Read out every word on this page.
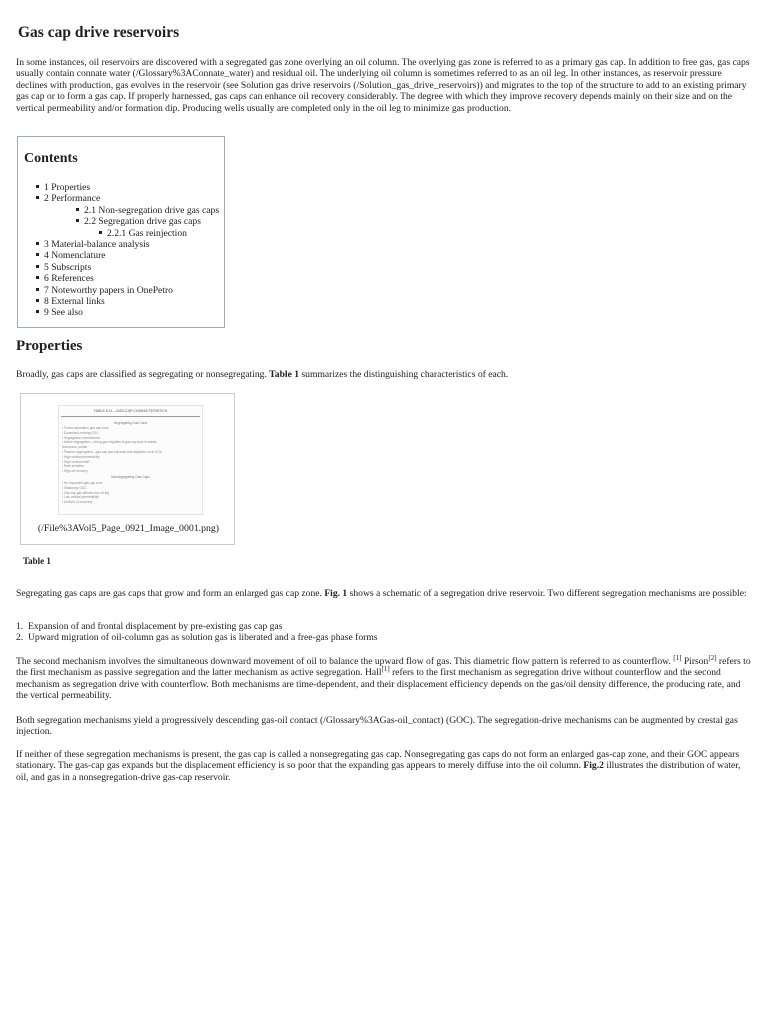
Gas cap drive reservoirs

In some instances, oil reservoirs are discovered with a segregated gas zone overlying an oil column. The overlying gas zone is referred to as a primary gas cap. In addition to free gas, gas caps usually contain connate water (/Glossary%3AConnate_water) and residual oil. The underlying oil column is sometimes referred to as an oil leg. In other instances, as reservoir pressure declines with production, gas evolves in the reservoir (see Solution gas drive reservoirs (/Solution_gas_drive_reservoirs)) and migrates to the top of the structure to add to an existing primary gas cap or to form a gas cap. If properly harnessed, gas caps can enhance oil recovery considerably. The degree with which they improve recovery depends mainly on their size and on the vertical permeability and/or formation dip. Producing wells usually are completed only in the oil leg to minimize gas production.

Contents
1 Properties
2 Performance
2.1 Non-segregation drive gas caps
2.2 Segregation drive gas caps
2.2.1 Gas reinjection
3 Material-balance analysis
4 Nomenclature
5 Subscripts
6 References
7 Noteworthy papers in OnePetro
8 External links
9 See also
Properties

Broadly, gas caps are classified as segregating or nonsegregating. Table 1 summarizes the distinguishing characteristics of each.

TABLE 8.11—GAS-CAP CHARACTERISTICS
Segregating Gas Caps
• Forms separation gas cap zone
• Downward-moving GOC
• Segregation mechanisms
• Active segregation—oil-leg gas migrates to gas cap and oil drains
downward, partial
• Passive segregation—gas cap gas expands and displaces oil at GOC
• High vertical permeability
• High vertical relief
• Rate sensitive
• High oil recovery
Nonsegregating Gas Caps
• No expanded gas cap zone
• Stationary GOC
• Gas cap gas diffuses into oil leg
• Low vertical permeability
• Uniform oil recovery
(/File%3AVol5_Page_0921_Image_0001.png)
Table 1

Segregating gas caps are gas caps that grow and form an enlarged gas cap zone. Fig. 1 shows a schematic of a segregation drive reservoir. Two different segregation mechanisms are possible:

1. Expansion of and frontal displacement by pre-existing gas cap gas
2. Upward migration of oil-column gas as solution gas is liberated and a free-gas phase forms

The second mechanism involves the simultaneous downward movement of oil to balance the upward flow of gas. This diametric flow pattern is referred to as counterflow. [1] Pirson[2] refers to the first mechanism as passive segregation and the latter mechanism as active segregation. Hall[1] refers to the first mechanism as segregation drive without counterflow and the second mechanism as segregation drive with counterflow. Both mechanisms are time-dependent, and their displacement efficiency depends on the gas/oil density difference, the producing rate, and the vertical permeability.

Both segregation mechanisms yield a progressively descending gas-oil contact (/Glossary%3AGas-oil_contact) (GOC). The segregation-drive mechanisms can be augmented by crestal gas injection.

If neither of these segregation mechanisms is present, the gas cap is called a nonsegregating gas cap. Nonsegregating gas caps do not form an enlarged gas-cap zone, and their GOC appears stationary. The gas-cap gas expands but the displacement efficiency is so poor that the expanding gas appears to merely diffuse into the oil column. Fig.2 illustrates the distribution of water, oil, and gas in a nonsegregation-drive gas-cap reservoir.
